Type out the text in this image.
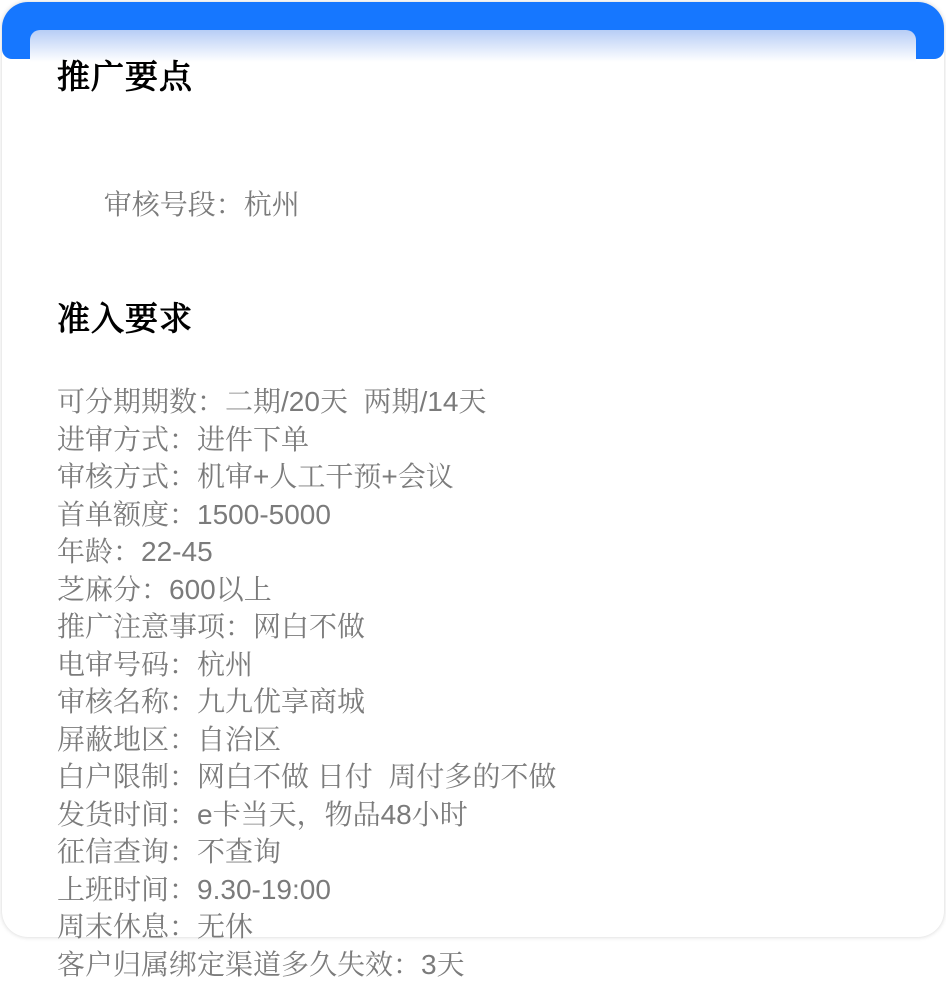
推广要点

审核号段：杭州

准入要求
可分期期数：二期/20天  两期/14天
进审方式：进件下单
审核方式：机审+人工干预+会议
首单额度：1500-5000
年龄：22-45
芝麻分：600以上
推广注意事项：网白不做
电审号码：杭州
审核名称：九九优享商城
屏蔽地区：自治区
白户限制：网白不做 日付  周付多的不做
发货时间：e卡当天，物品48小时
征信查询：不查询
上班时间：9.30-19:00
周末休息：无休
客户归属绑定渠道多久失效：3天
